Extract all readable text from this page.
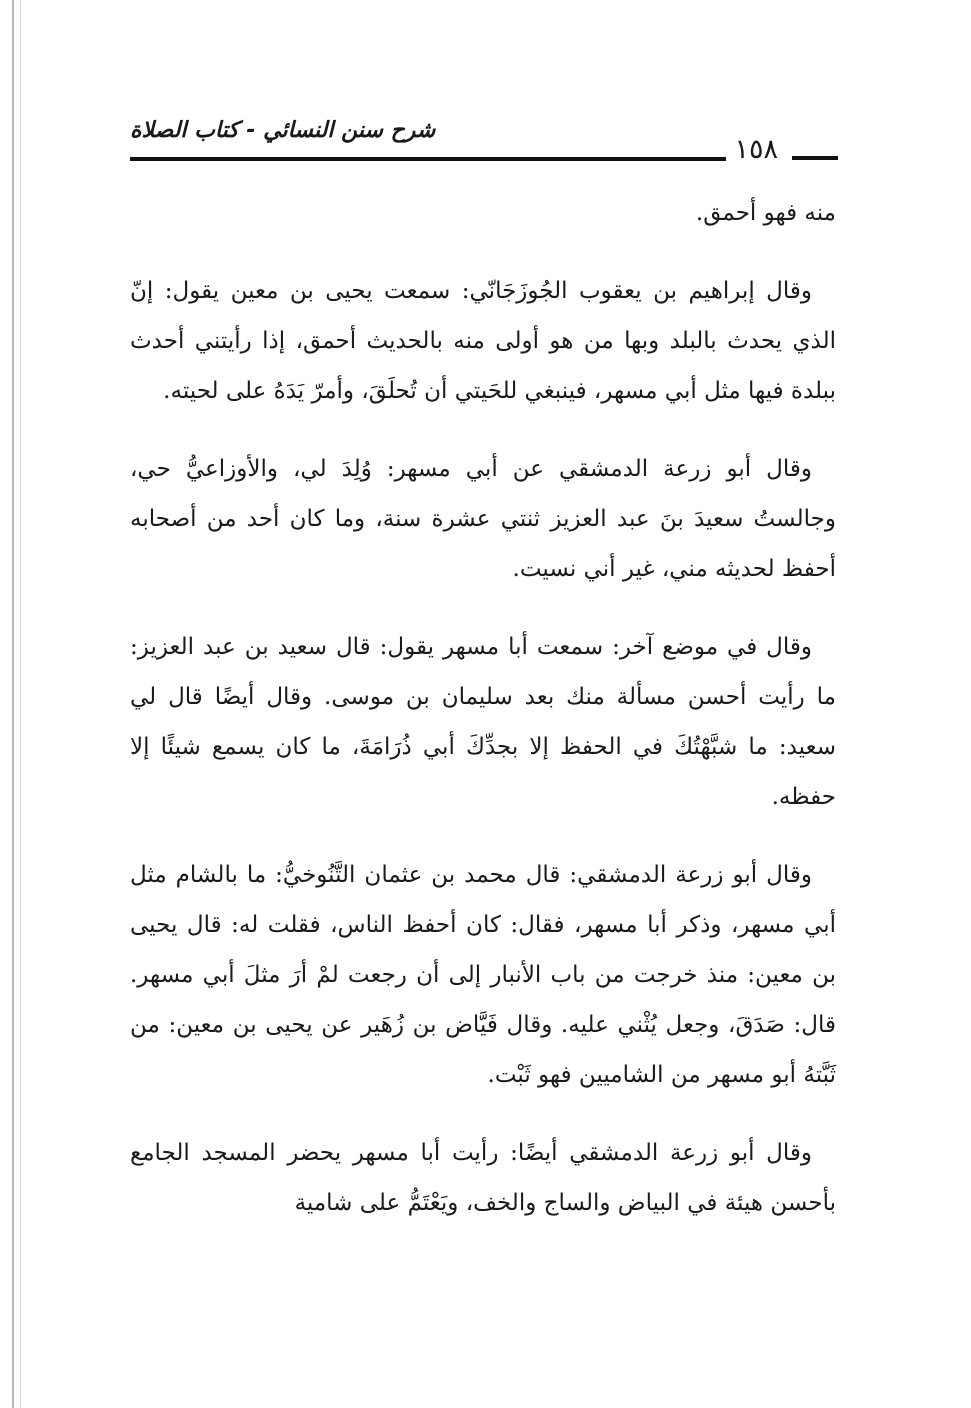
١٥٨
شرح سنن النسائي - كتاب الصلاة

منه فهو أحمق.

وقال إبراهيم بن يعقوب الجُوزَجَانّي: سمعت يحيى بن معين يقول: إنّ الذي يحدث بالبلد وبها من هو أولى منه بالحديث أحمق، إذا رأيتني أحدث ببلدة فيها مثل أبي مسهر، فينبغي للحَيتي أن تُحلَقَ، وأمرّ يَدَهُ على لحيته.

وقال أبو زرعة الدمشقي عن أبي مسهر: وُلِدَ لي، والأوزاعيُّ حي، وجالستُ سعيدَ بنَ عبد العزيز ثنتي عشرة سنة، وما كان أحد من أصحابه أحفظ لحديثه مني، غير أني نسيت.

وقال في موضع آخر: سمعت أبا مسهر يقول: قال سعيد بن عبد العزيز: ما رأيت أحسن مسألة منك بعد سليمان بن موسى. وقال أيضًا قال لي سعيد: ما شبَّهْتُكَ في الحفظ إلا بجدِّكَ أبي ذُرَامَةَ، ما كان يسمع شيئًا إلا حفظه.

وقال أبو زرعة الدمشقي: قال محمد بن عثمان التَّنُوخيُّ: ما بالشام مثل أبي مسهر، وذكر أبا مسهر، فقال: كان أحفظ الناس، فقلت له: قال يحيى بن معين: منذ خرجت من باب الأنبار إلى أن رجعت لمْ أرَ مثلَ أبي مسهر. قال: صَدَقَ، وجعل يُثْني عليه. وقال فَيَّاض بن زُهَير عن يحيى بن معين: من ثَبَّتهُ أبو مسهر من الشاميين فهو ثَبْت.

وقال أبو زرعة الدمشقي أيضًا: رأيت أبا مسهر يحضر المسجد الجامع بأحسن هيئة في البياض والساج والخف، ويَعْتَمُّ على شامية
